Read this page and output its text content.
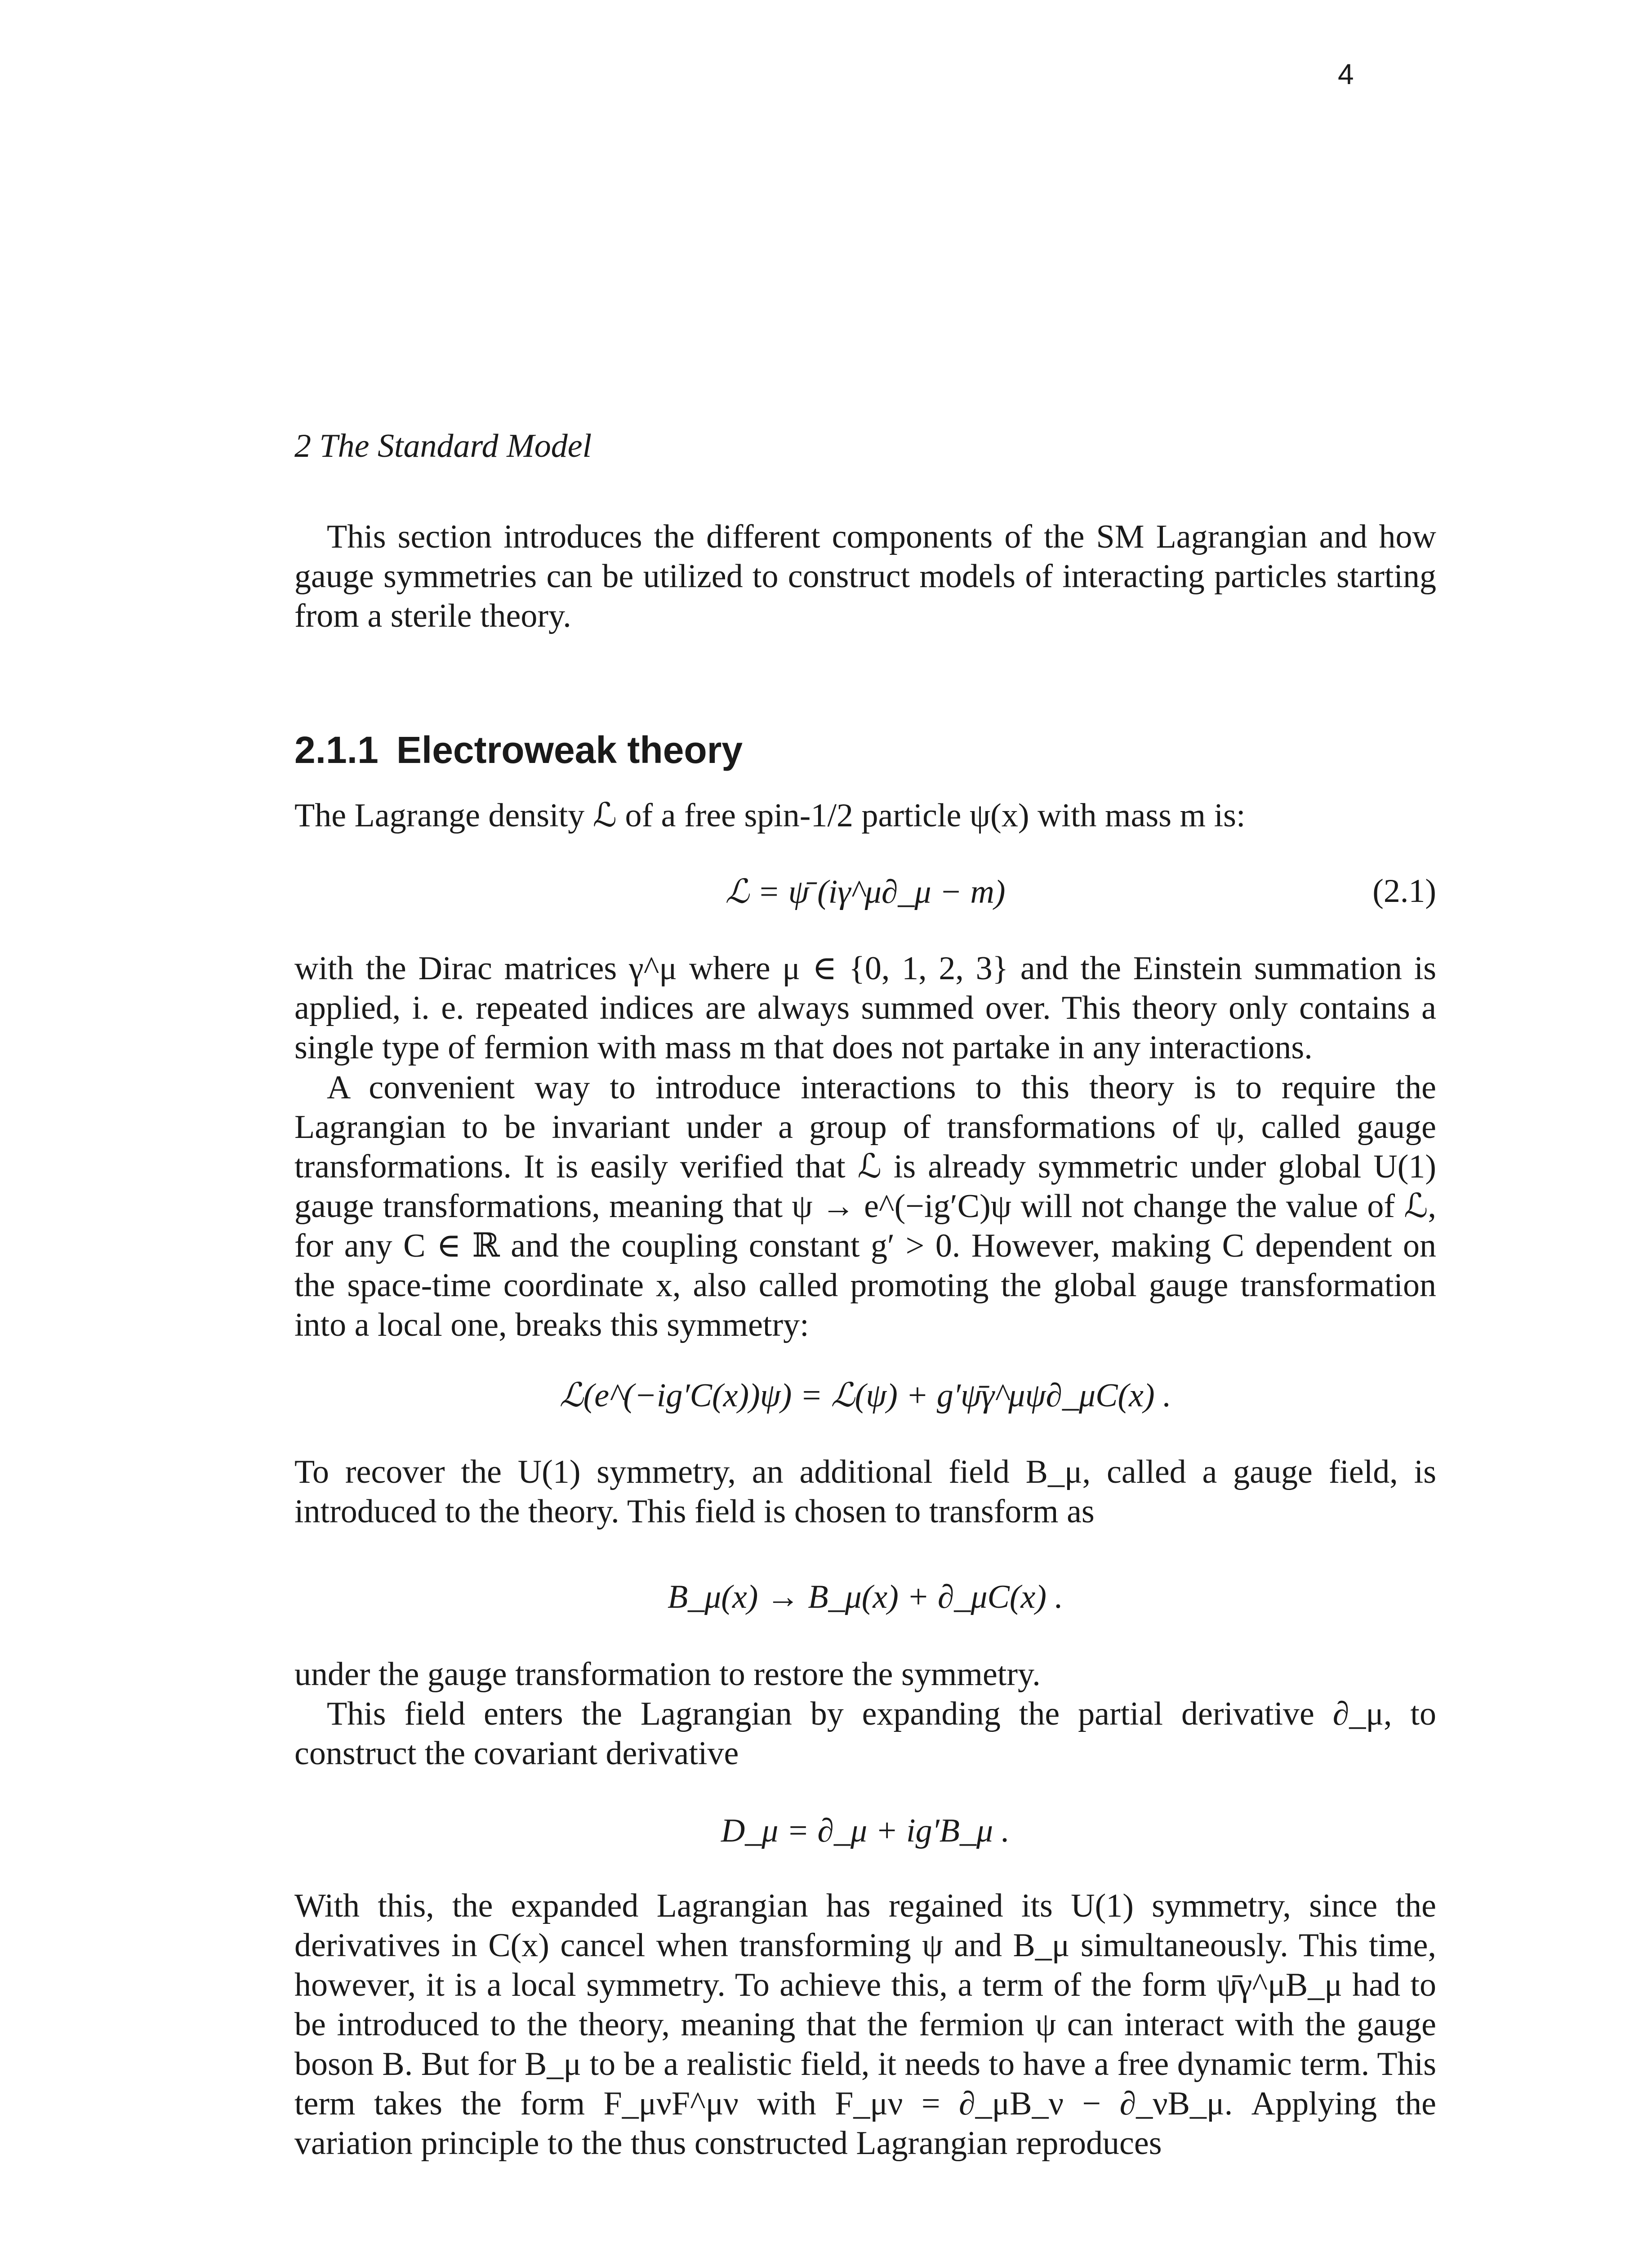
4
2 The Standard Model
This section introduces the different components of the SM Lagrangian and how gauge symmetries can be utilized to construct models of interacting particles starting from a sterile theory.
2.1.1 Electroweak theory
The Lagrange density ℒ of a free spin-1/2 particle ψ(x) with mass m is:
ℒ = ψ̄ (iγ^μ∂_μ − m)	(2.1)
with the Dirac matrices γ^μ where μ ∈ {0, 1, 2, 3} and the Einstein summation is applied, i. e. repeated indices are always summed over. This theory only contains a single type of fermion with mass m that does not partake in any interactions.
A convenient way to introduce interactions to this theory is to require the Lagrangian to be invariant under a group of transformations of ψ, called gauge transformations. It is easily verified that ℒ is already symmetric under global U(1) gauge transformations, meaning that ψ → e^(−ig′C)ψ will not change the value of ℒ, for any C ∈ ℝ and the coupling constant g′ > 0. However, making C dependent on the space-time coordinate x, also called promoting the global gauge transformation into a local one, breaks this symmetry:
ℒ(e^(−ig′C(x))ψ) = ℒ(ψ) + g′ψ̄γ^μψ∂_μC(x) .
To recover the U(1) symmetry, an additional field B_μ, called a gauge field, is introduced to the theory. This field is chosen to transform as
B_μ(x) → B_μ(x) + ∂_μC(x) .
under the gauge transformation to restore the symmetry.
This field enters the Lagrangian by expanding the partial derivative ∂_μ, to construct the covariant derivative
D_μ = ∂_μ + ig′B_μ .
With this, the expanded Lagrangian has regained its U(1) symmetry, since the derivatives in C(x) cancel when transforming ψ and B_μ simultaneously. This time, however, it is a local symmetry. To achieve this, a term of the form ψ̄γ^μB_μ had to be introduced to the theory, meaning that the fermion ψ can interact with the gauge boson B. But for B_μ to be a realistic field, it needs to have a free dynamic term. This term takes the form F_μνF^μν with F_μν = ∂_μB_ν − ∂_νB_μ. Applying the variation principle to the thus constructed Lagrangian reproduces
